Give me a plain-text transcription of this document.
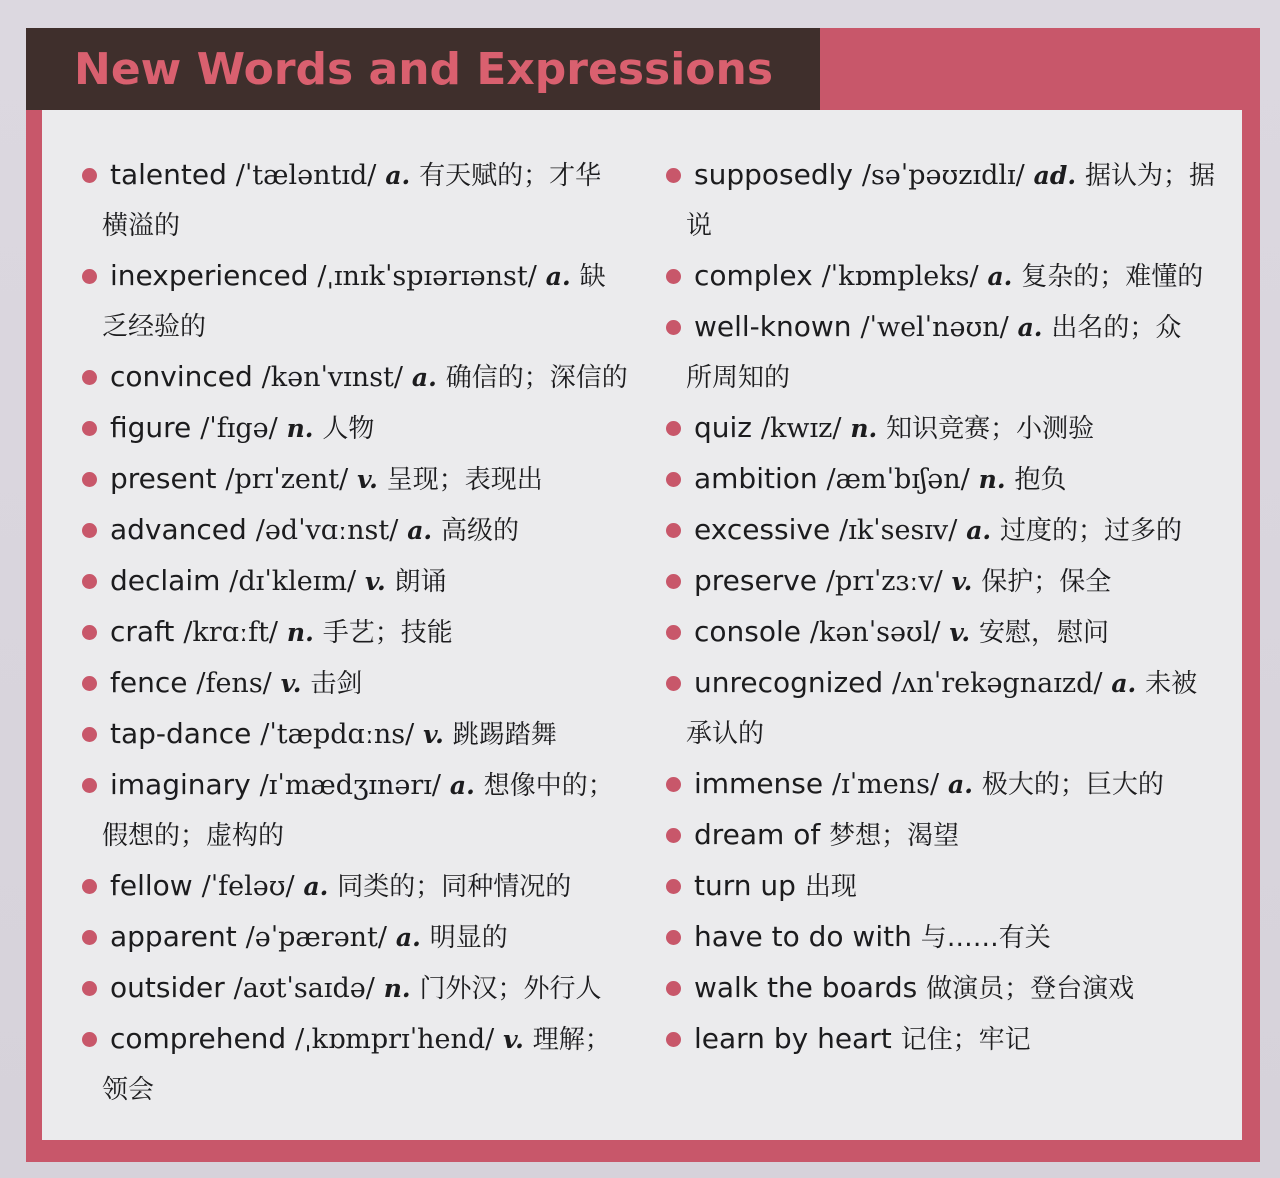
New Words and Expressions
talented /ˈtæləntɪd/ a. 有天赋的；才华
横溢的
inexperienced /ˌɪnɪkˈspɪərɪənst/ a. 缺
乏经验的
convinced /kənˈvɪnst/ a. 确信的；深信的
figure /ˈfɪgə/ n. 人物
present /prɪˈzent/ v. 呈现；表现出
advanced /ədˈvɑːnst/ a. 高级的
declaim /dɪˈkleɪm/ v. 朗诵
craft /krɑːft/ n. 手艺；技能
fence /fens/ v. 击剑
tap-dance /ˈtæpdɑːns/ v. 跳踢踏舞
imaginary /ɪˈmædʒɪnərɪ/ a. 想像中的；
假想的；虚构的
fellow /ˈfeləʊ/ a. 同类的；同种情况的
apparent /əˈpærənt/ a. 明显的
outsider /aʊtˈsaɪdə/ n. 门外汉；外行人
comprehend /ˌkɒmprɪˈhend/ v. 理解；
领会
supposedly /səˈpəʊzɪdlɪ/ ad. 据认为；据
说
complex /ˈkɒmpleks/ a. 复杂的；难懂的
well-known /ˈwelˈnəʊn/ a. 出名的；众
所周知的
quiz /kwɪz/ n. 知识竞赛；小测验
ambition /æmˈbɪʃən/ n. 抱负
excessive /ɪkˈsesɪv/ a. 过度的；过多的
preserve /prɪˈzɜːv/ v. 保护；保全
console /kənˈsəʊl/ v. 安慰，慰问
unrecognized /ʌnˈrekəgnaɪzd/ a. 未被
承认的
immense /ɪˈmens/ a. 极大的；巨大的
dream of 梦想；渴望
turn up 出现
have to do with 与……有关
walk the boards 做演员；登台演戏
learn by heart 记住；牢记
